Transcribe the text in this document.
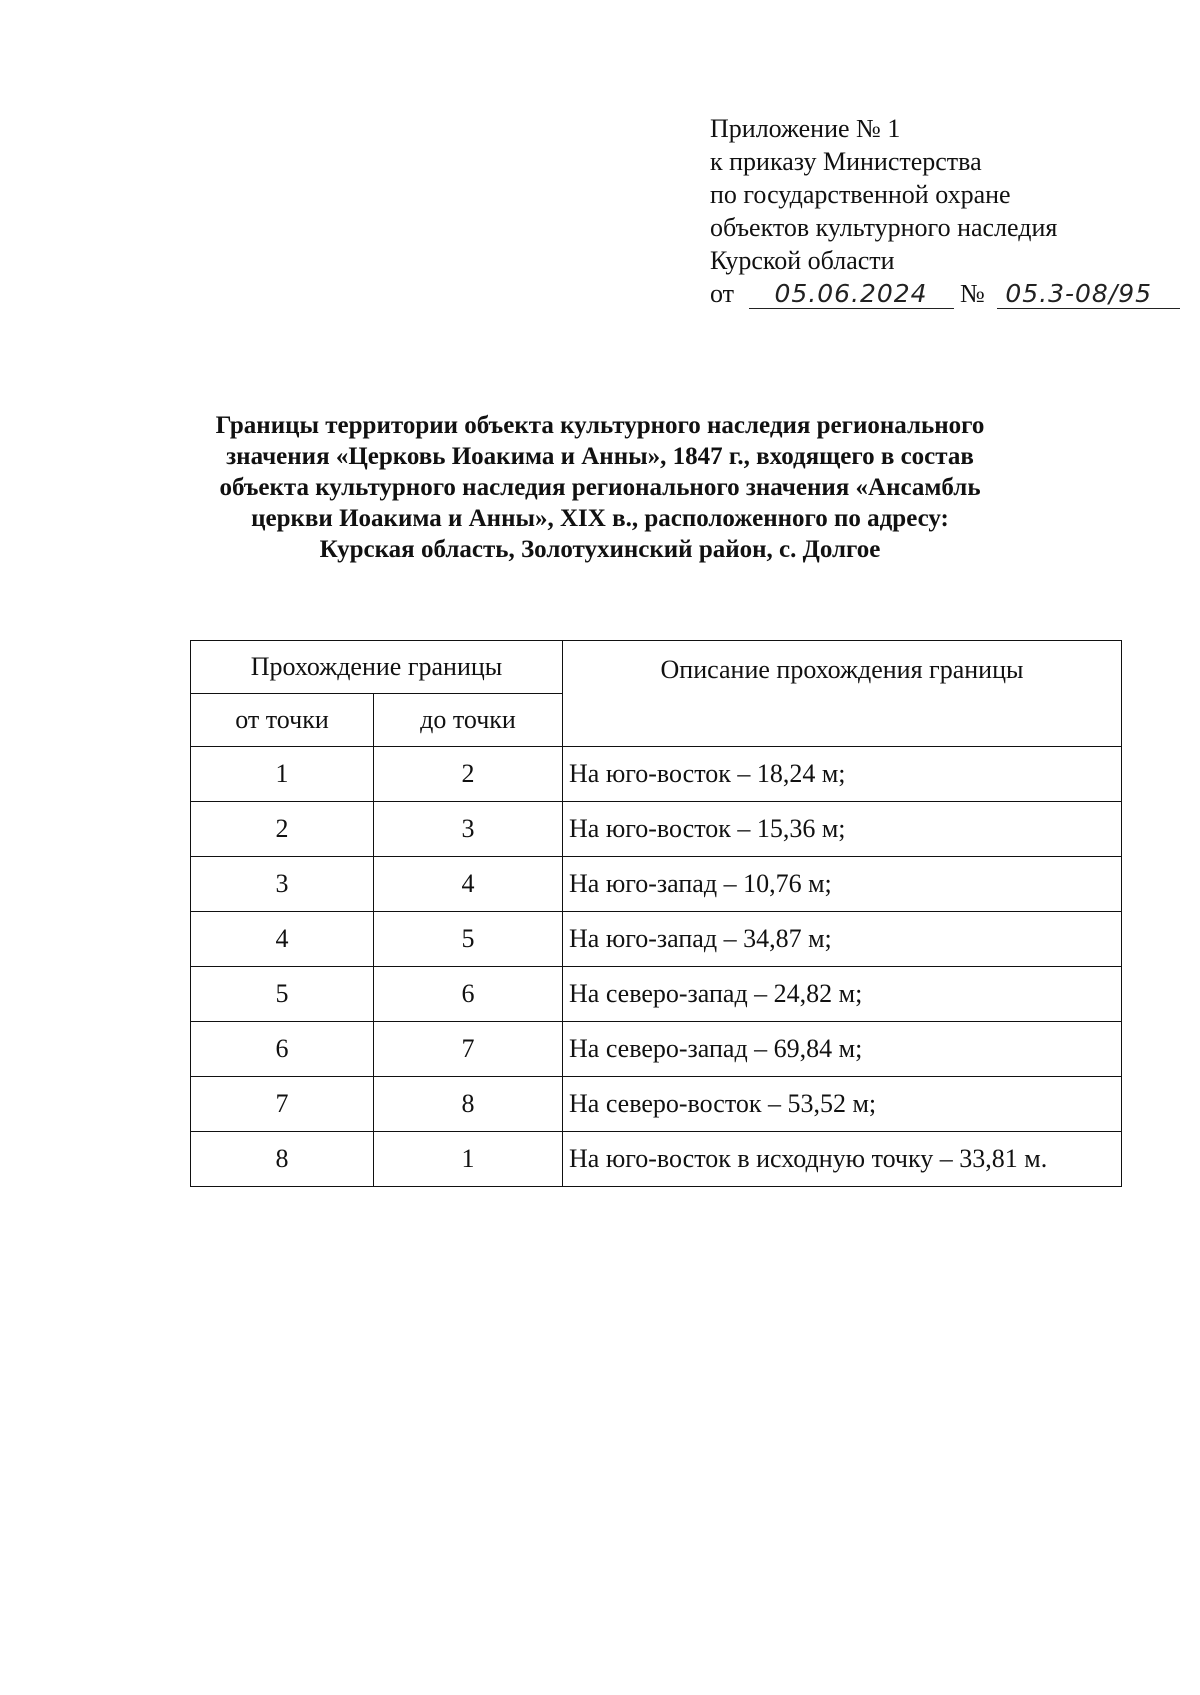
Приложение № 1
к приказу Министерства
по государственной охране
объектов культурного наследия
Курской области
от 05.06.2024 № 05.3-08/95
Границы территории объекта культурного наследия регионального
значения «Церковь Иоакима и Анны», 1847 г., входящего в состав
объекта культурного наследия регионального значения «Ансамбль
церкви Иоакима и Анны», XIX в., расположенного по адресу:
Курская область, Золотухинский район, с. Долгое
Прохождение границы		Описание прохождения границы
от точки	до точки	
1	2	На юго-восток – 18,24 м;
2	3	На юго-восток – 15,36 м;
3	4	На юго-запад – 10,76 м;
4	5	На юго-запад – 34,87 м;
5	6	На северо-запад – 24,82 м;
6	7	На северо-запад – 69,84 м;
7	8	На северо-восток – 53,52 м;
8	1	На юго-восток в исходную точку – 33,81 м.
